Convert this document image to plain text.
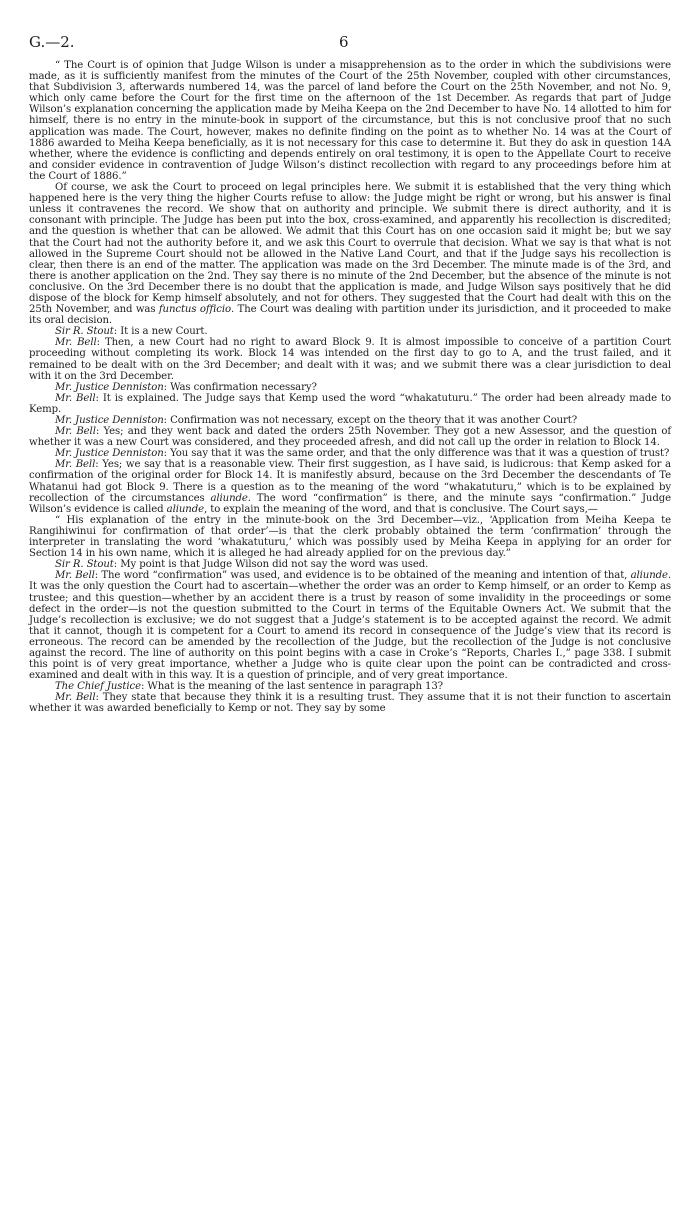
G.—2.	6

“ The Court is of opinion that Judge Wilson is under a misapprehension as to the order in which the subdivisions were made, as it is sufficiently manifest from the minutes of the Court of the 25th November, coupled with other circumstances, that Subdivision 3, afterwards numbered 14, was the parcel of land before the Court on the 25th November, and not No. 9, which only came before the Court for the first time on the afternoon of the 1st December. As regards that part of Judge Wilson’s explanation concerning the application made by Meiha Keepa on the 2nd December to have No. 14 allotted to him for himself, there is no entry in the minute-book in support of the circumstance, but this is not conclusive proof that no such application was made. The Court, however, makes no definite finding on the point as to whether No. 14 was at the Court of 1886 awarded to Meiha Keepa beneficially, as it is not necessary for this case to determine it. But they do ask in question 14A whether, where the evidence is conflicting and depends entirely on oral testimony, it is open to the Appellate Court to receive and consider evidence in contravention of Judge Wilson’s distinct recollection with regard to any proceedings before him at the Court of 1886.”

Of course, we ask the Court to proceed on legal principles here. We submit it is established that the very thing which happened here is the very thing the higher Courts refuse to allow: the Judge might be right or wrong, but his answer is final unless it contravenes the record. We show that on authority and principle. We submit there is direct authority, and it is consonant with principle. The Judge has been put into the box, cross-examined, and apparently his recollection is discredited; and the question is whether that can be allowed. We admit that this Court has on one occasion said it might be; but we say that the Court had not the authority before it, and we ask this Court to overrule that decision. What we say is that what is not allowed in the Supreme Court should not be allowed in the Native Land Court, and that if the Judge says his recollection is clear, then there is an end of the matter. The application was made on the 3rd December. The minute made is of the 3rd, and there is another application on the 2nd. They say there is no minute of the 2nd December, but the absence of the minute is not conclusive. On the 3rd December there is no doubt that the application is made, and Judge Wilson says positively that he did dispose of the block for Kemp himself absolutely, and not for others. They suggested that the Court had dealt with this on the 25th November, and was functus officio. The Court was dealing with partition under its jurisdiction, and it proceeded to make its oral decision.

Sir R. Stout: It is a new Court.

Mr. Bell: Then, a new Court had no right to award Block 9. It is almost impossible to conceive of a partition Court proceeding without completing its work. Block 14 was intended on the first day to go to A, and the trust failed, and it remained to be dealt with on the 3rd December; and dealt with it was; and we submit there was a clear jurisdiction to deal with it on the 3rd December.

Mr. Justice Denniston: Was confirmation necessary?

Mr. Bell: It is explained. The Judge says that Kemp used the word “whakatuturu.” The order had been already made to Kemp.

Mr. Justice Denniston: Confirmation was not necessary, except on the theory that it was another Court?

Mr. Bell: Yes; and they went back and dated the orders 25th November. They got a new Assessor, and the question of whether it was a new Court was considered, and they proceeded afresh, and did not call up the order in relation to Block 14.

Mr. Justice Denniston: You say that it was the same order, and that the only difference was that it was a question of trust?

Mr. Bell: Yes; we say that is a reasonable view. Their first suggestion, as I have said, is ludicrous: that Kemp asked for a confirmation of the original order for Block 14. It is manifestly absurd, because on the 3rd December the descendants of Te Whatanui had got Block 9. There is a question as to the meaning of the word “whakatuturu,” which is to be explained by recollection of the circumstances aliunde. The word “confirmation” is there, and the minute says “confirmation.” Judge Wilson’s evidence is called aliunde, to explain the meaning of the word, and that is conclusive. The Court says,—

“ His explanation of the entry in the minute-book on the 3rd December—viz., ‘Application from Meiha Keepa te Rangihiwinui for confirmation of that order’—is that the clerk probably obtained the term ‘confirmation’ through the interpreter in translating the word ‘whakatuturu,’ which was possibly used by Meiha Keepa in applying for an order for Section 14 in his own name, which it is alleged he had already applied for on the previous day.”

Sir R. Stout: My point is that Judge Wilson did not say the word was used.

Mr. Bell: The word “confirmation” was used, and evidence is to be obtained of the meaning and intention of that, aliunde. It was the only question the Court had to ascertain—whether the order was an order to Kemp himself, or an order to Kemp as trustee; and this question—whether by an accident there is a trust by reason of some invalidity in the proceedings or some defect in the order—is not the question submitted to the Court in terms of the Equitable Owners Act. We submit that the Judge’s recollection is exclusive; we do not suggest that a Judge’s statement is to be accepted against the record. We admit that it cannot, though it is competent for a Court to amend its record in consequence of the Judge’s view that its record is erroneous. The record can be amended by the recollection of the Judge, but the recollection of the Judge is not conclusive against the record. The line of authority on this point begins with a case in Croke’s “Reports, Charles I.,” page 338. I submit this point is of very great importance, whether a Judge who is quite clear upon the point can be contradicted and cross-examined and dealt with in this way. It is a question of principle, and of very great importance.

The Chief Justice: What is the meaning of the last sentence in paragraph 13?

Mr. Bell: They state that because they think it is a resulting trust. They assume that it is not their function to ascertain whether it was awarded beneficially to Kemp or not. They say by some
